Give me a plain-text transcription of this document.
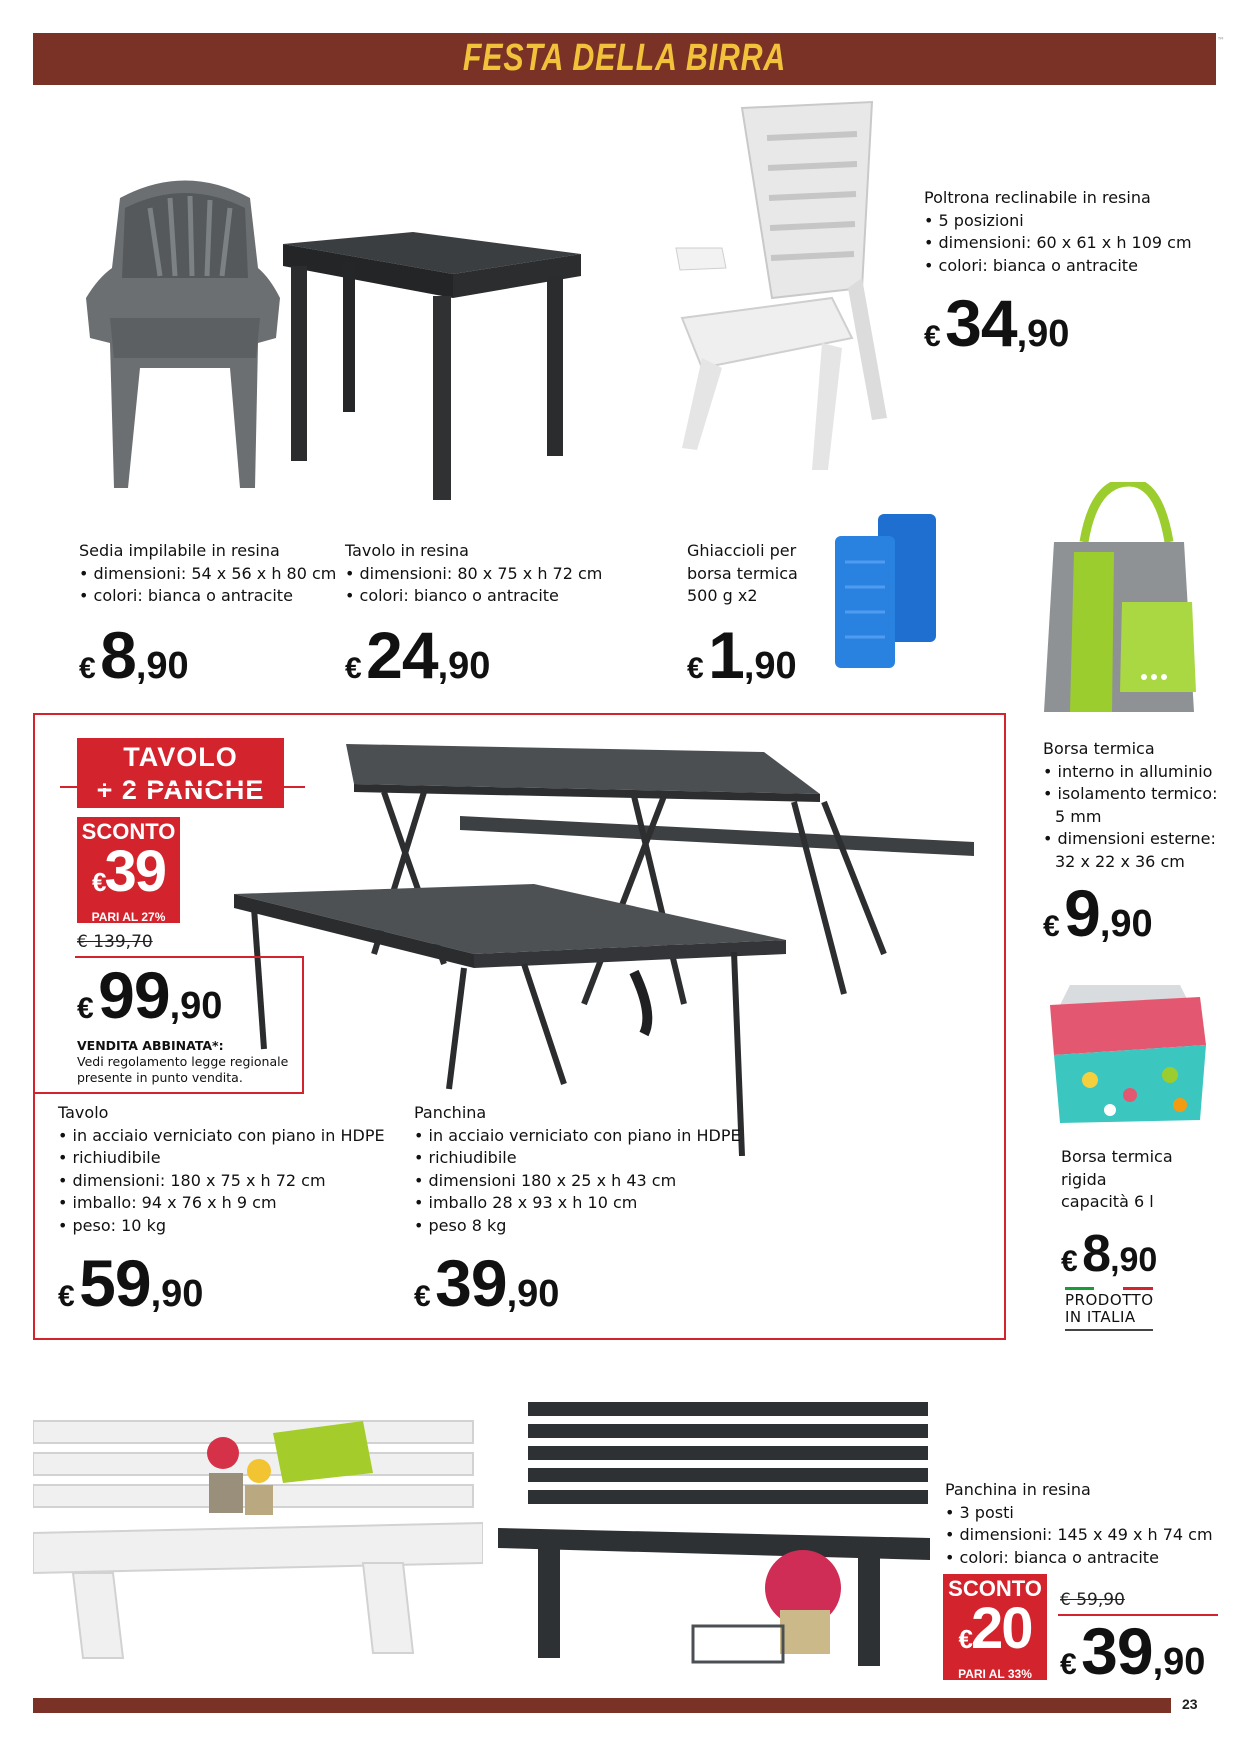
FESTA DELLA BIRRA	™
Poltrona reclinabile in resina
• 5 posizioni
• dimensioni: 60 x 61 x h 109 cm
• colori: bianca o antracite
€ 34,90
Sedia impilabile in resina
• dimensioni: 54 x 56 x h 80 cm
• colori: bianca o antracite
€ 8,90
Tavolo in resina
• dimensioni: 80 x 75 x h 72 cm
• colori: bianco o antracite
€ 24,90
Ghiaccioli per
borsa termica
500 g x2
€ 1,90
Borsa termica
• interno in alluminio
• isolamento termico:
5 mm
• dimensioni esterne:
32 x 22 x 36 cm
€ 9,90
Borsa termica
rigida
capacità 6 l
€ 8,90
PRODOTTO
IN ITALIA
TAVOLO
+ 2 PANCHE
SCONTO
€39
PARI AL 27%
€ 139,70
€ 99,90
VENDITA ABBINATA*:
Vedi regolamento legge regionale
presente in punto vendita.
Tavolo
• in acciaio verniciato con piano in HDPE
• richiudibile
• dimensioni: 180 x 75 x h 72 cm
• imballo: 94 x 76 x h 9 cm
• peso: 10 kg
€ 59,90
Panchina
• in acciaio verniciato con piano in HDPE
• richiudibile
• dimensioni 180 x 25 x h 43 cm
• imballo 28 x 93 x h 10 cm
• peso 8 kg
€ 39,90
Panchina in resina
• 3 posti
• dimensioni: 145 x 49 x h 74 cm
• colori: bianca o antracite
SCONTO
€20
PARI AL 33%
€ 59,90
€ 39,90
23
